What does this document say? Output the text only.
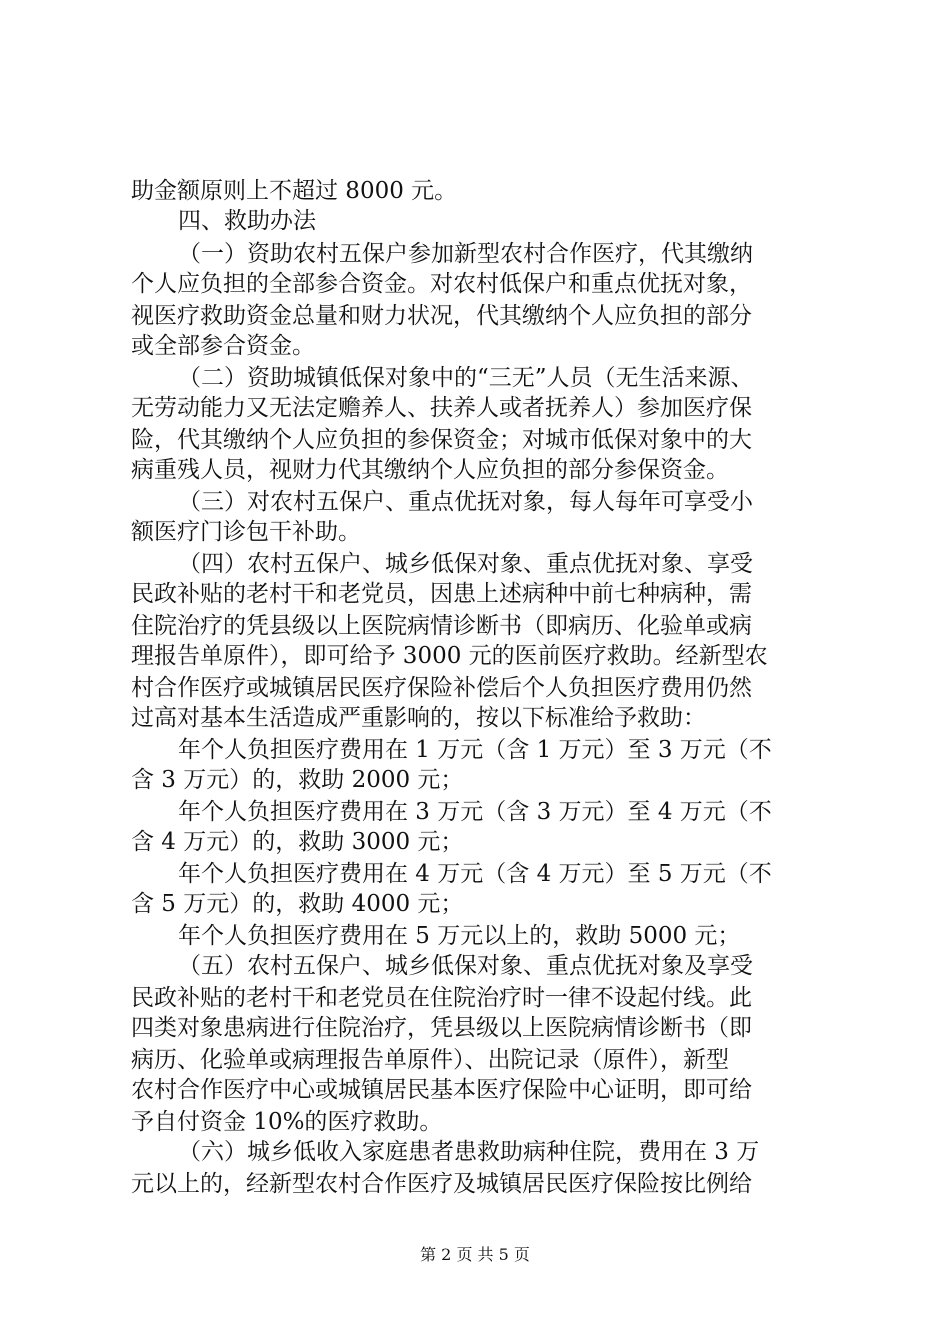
助金额原则上不超过 8000 元。
四、救助办法
（一）资助农村五保户参加新型农村合作医疗，代其缴纳
个人应负担的全部参合资金。对农村低保户和重点优抚对象，
视医疗救助资金总量和财力状况，代其缴纳个人应负担的部分
或全部参合资金。
（二）资助城镇低保对象中的“三无”人员（无生活来源、
无劳动能力又无法定赡养人、扶养人或者抚养人）参加医疗保
险，代其缴纳个人应负担的参保资金；对城市低保对象中的大
病重残人员，视财力代其缴纳个人应负担的部分参保资金。
（三）对农村五保户、重点优抚对象，每人每年可享受小
额医疗门诊包干补助。
（四）农村五保户、城乡低保对象、重点优抚对象、享受
民政补贴的老村干和老党员，因患上述病种中前七种病种，需
住院治疗的凭县级以上医院病情诊断书（即病历、化验单或病
理报告单原件），即可给予 3000 元的医前医疗救助。经新型农
村合作医疗或城镇居民医疗保险补偿后个人负担医疗费用仍然
过高对基本生活造成严重影响的，按以下标准给予救助：
年个人负担医疗费用在 1 万元（含 1 万元）至 3 万元（不
含 3 万元）的，救助 2000 元；
年个人负担医疗费用在 3 万元（含 3 万元）至 4 万元（不
含 4 万元）的，救助 3000 元；
年个人负担医疗费用在 4 万元（含 4 万元）至 5 万元（不
含 5 万元）的，救助 4000 元；
年个人负担医疗费用在 5 万元以上的，救助 5000 元；
（五）农村五保户、城乡低保对象、重点优抚对象及享受
民政补贴的老村干和老党员在住院治疗时一律不设起付线。此
四类对象患病进行住院治疗，凭县级以上医院病情诊断书（即
病历、化验单或病理报告单原件）、出院记录（原件），新型
农村合作医疗中心或城镇居民基本医疗保险中心证明，即可给
予自付资金 10%的医疗救助。
（六）城乡低收入家庭患者患救助病种住院，费用在 3 万
元以上的，经新型农村合作医疗及城镇居民医疗保险按比例给
第 2 页 共 5 页
